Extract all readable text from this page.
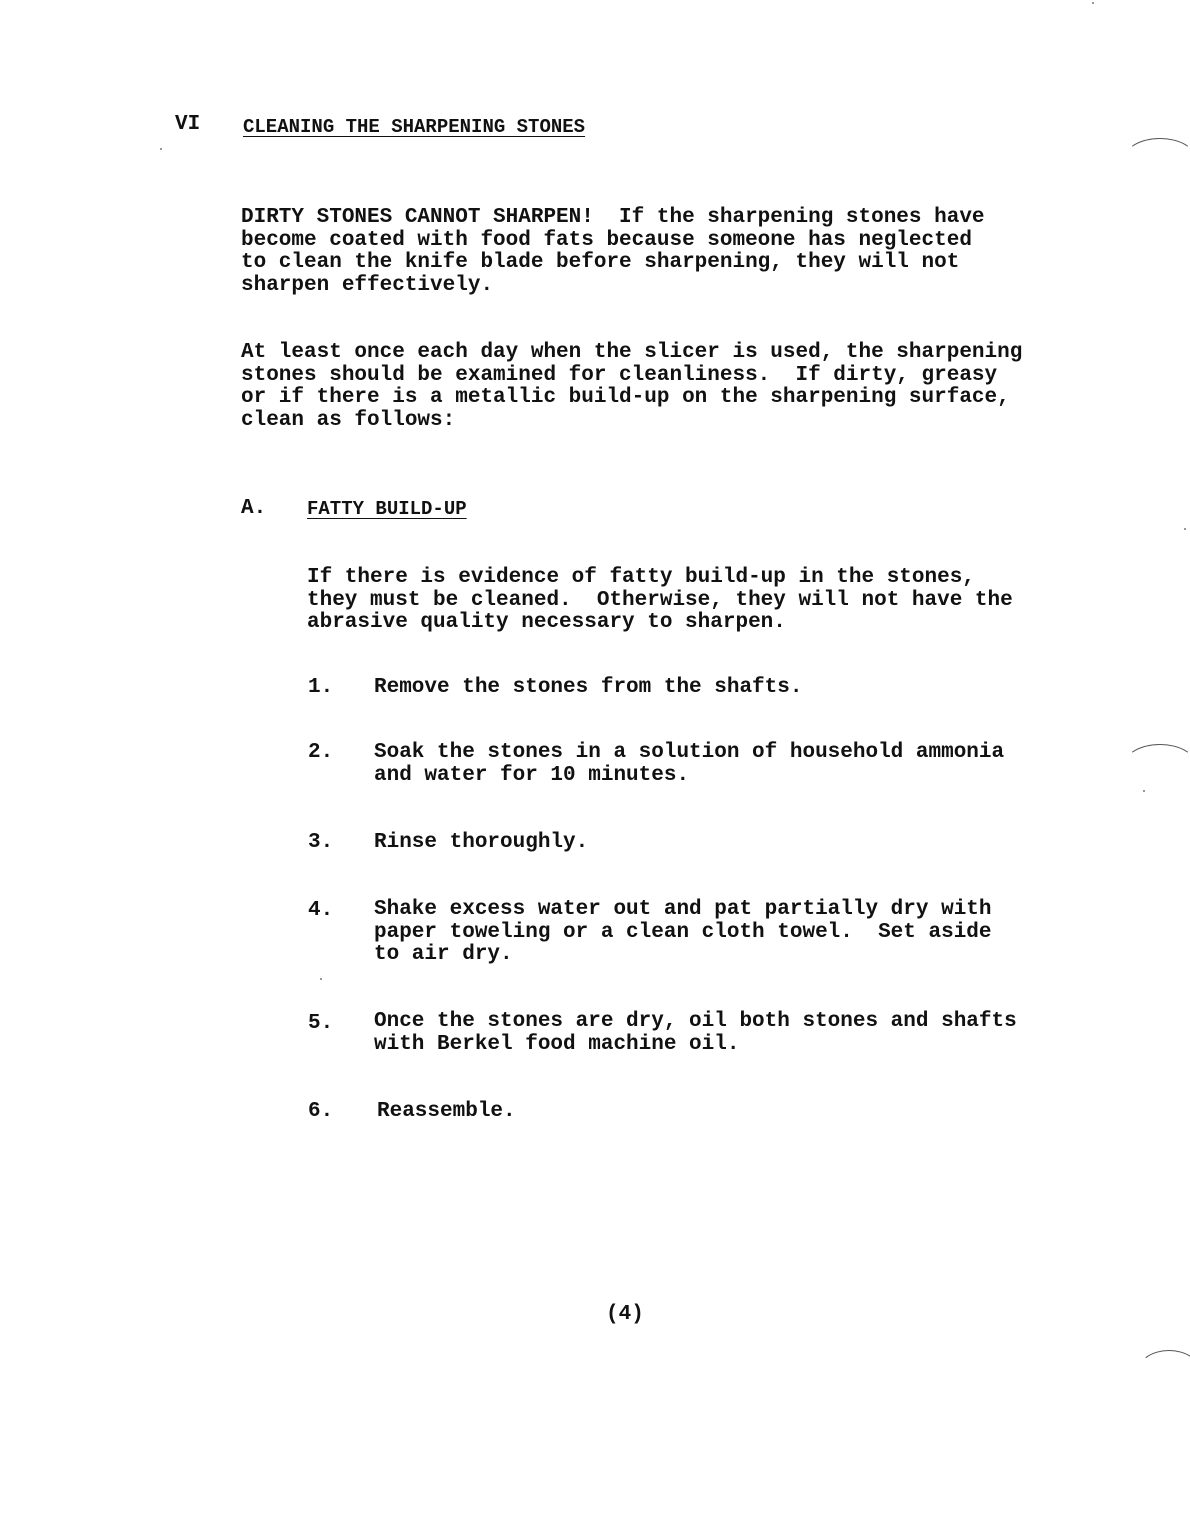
VI CLEANING THE SHARPENING STONES
DIRTY STONES CANNOT SHARPEN!  If the sharpening stones have
become coated with food fats because someone has neglected
to clean the knife blade before sharpening, they will not
sharpen effectively.
At least once each day when the slicer is used, the sharpening
stones should be examined for cleanliness.  If dirty, greasy
or if there is a metallic build-up on the sharpening surface,
clean as follows:
A. FATTY BUILD-UP
If there is evidence of fatty build-up in the stones,
they must be cleaned.  Otherwise, they will not have the
abrasive quality necessary to sharpen.
1. Remove the stones from the shafts.
2. Soak the stones in a solution of household ammonia
and water for 10 minutes.
3. Rinse thoroughly.
4. Shake excess water out and pat partially dry with
paper toweling or a clean cloth towel.  Set aside
to air dry.
5. Once the stones are dry, oil both stones and shafts
with Berkel food machine oil.
6. Reassemble.
(4)
